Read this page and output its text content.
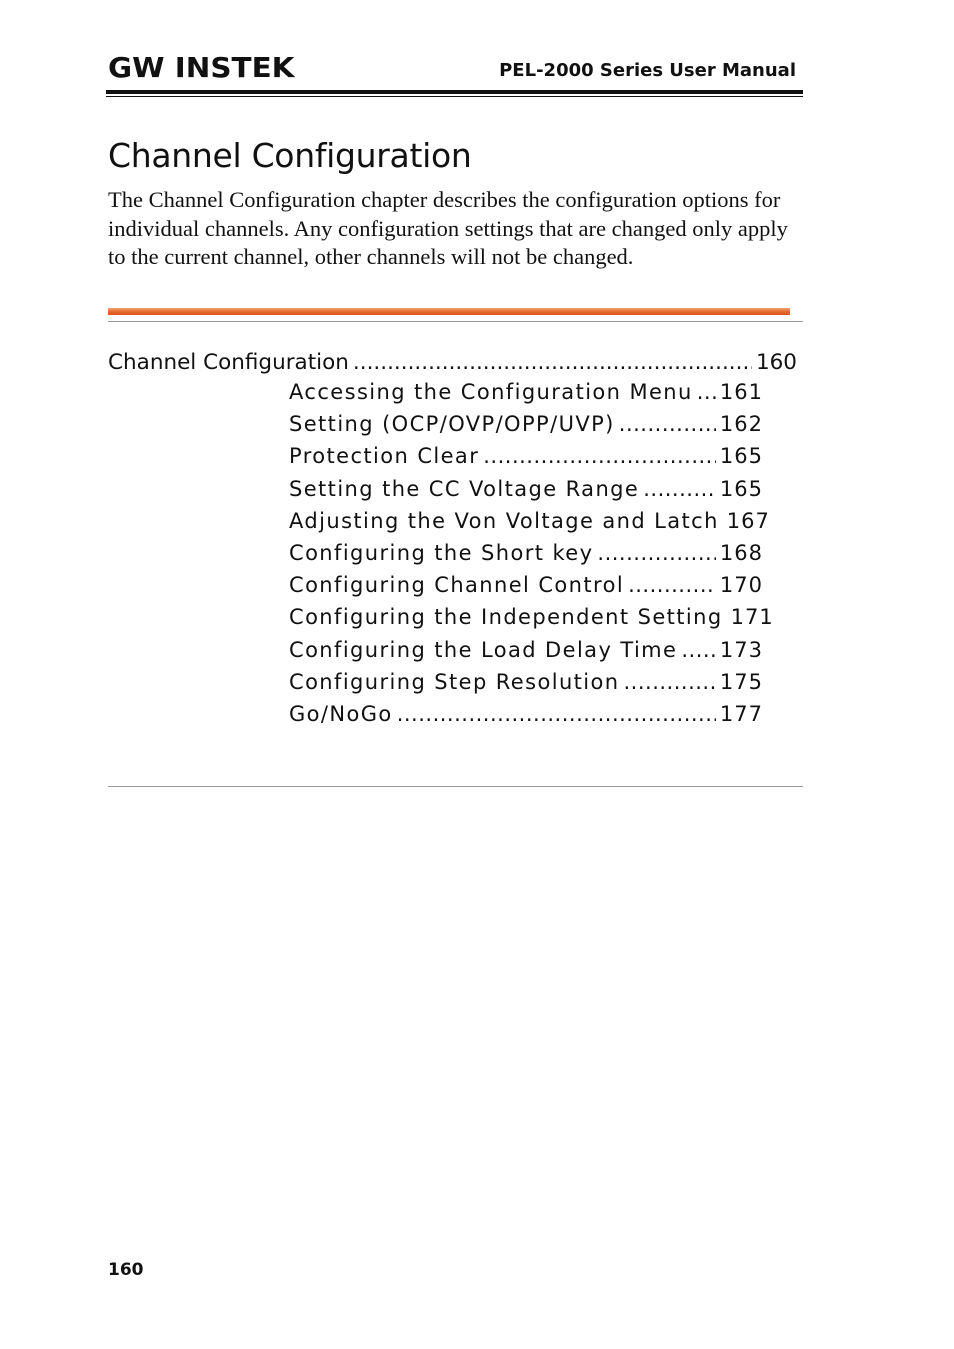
GW INSTEK	PEL-2000 Series User Manual
Channel Configuration

The Channel Configuration chapter describes the configuration options for individual channels. Any configuration settings that are changed only apply to the current channel, other channels will not be changed.

Channel Configuration .....	160
Accessing the Configuration Menu ..... 161
Setting (OCP/OVP/OPP/UVP) .....	162
Protection Clear .....	165
Setting the CC Voltage Range .....	165
Adjusting the Von Voltage and Latch 167
Configuring the Short key .....	168
Configuring Channel Control .....	170
Configuring the Independent Setting 171
Configuring the Load Delay Time ..... 173
Configuring Step Resolution .....	175
Go/NoGo .....	177
160
